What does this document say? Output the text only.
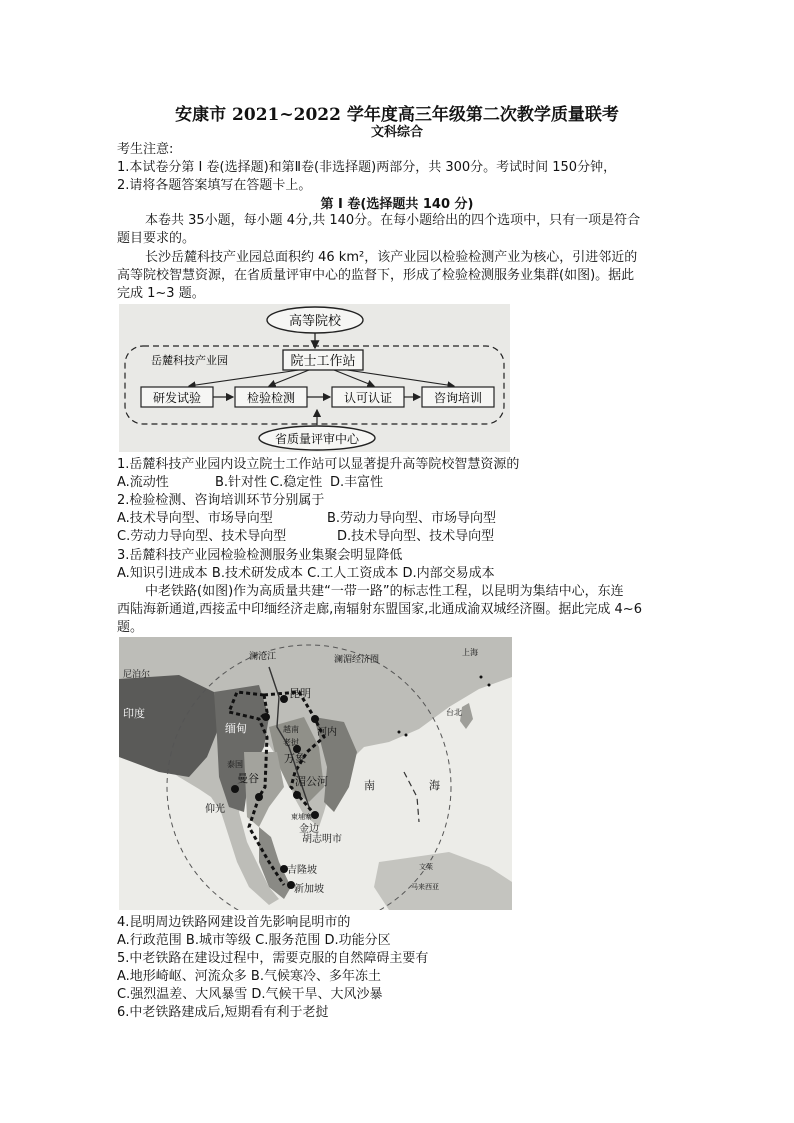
安康市 2021~2022 学年度高三年级第二次教学质量联考
文科综合
考生注意:
1.本试卷分第 I 卷(选择题)和第Ⅱ卷(非选择题)两部分，共 300分。考试时间 150分钟，
2.请将各题答案填写在答题卡上。
第 I 卷(选择题共 140 分)
本卷共 35小题，每小题 4分,共 140分。在每小题给出的四个选项中，只有一项是符合
题目要求的。
长沙岳麓科技产业园总面积约 46 km²，该产业园以检验检测产业为核心，引进邻近的
高等院校智慧资源，在省质量评审中心的监督下，形成了检验检测服务业集群(如图)。据此
完成 1~3 题。
高等院校
岳麓科技产业园	院士工作站
研发试验	检验检测	认可认证	咨询培训
省质量评审中心
1.岳麓科技产业园内设立院士工作站可以显著提升高等院校智慧资源的
A.流动性	B.针对性 C.稳定性 D.丰富性
2.检验检测、咨询培训环节分别属于
A.技术导向型、市场导向型	B.劳动力导向型、市场导向型
C.劳动力导向型、技术导向型	D.技术导向型、技术导向型
3.岳麓科技产业园检验检测服务业集聚会明显降低
A.知识引进成本 B.技术研发成本 C.工人工资成本 D.内部交易成本
中老铁路(如图)作为高质量共建“一带一路”的标志性工程，以昆明为集结中心，东连
西陆海新通道,西接孟中印缅经济走廊,南辐射东盟国家,北通成渝双城经济圈。据此完成 4~6
题。
尼泊尔
印度
澜沧江
昆明
澜湄经济圈
上海
缅甸	越南
老挝
河内
万象
泰国
湄公河
台北
仰光
曼谷
柬埔寨
金边
南	海
胡志明市
吉隆坡
新加坡
文莱
马来西亚
4.昆明周边铁路网建设首先影响昆明市的
A.行政范围 B.城市等级 C.服务范围 D.功能分区
5.中老铁路在建设过程中，需要克服的自然障碍主要有
A.地形崎岖、河流众多 B.气候寒冷、多年冻土
C.强烈温差、大风暴雪 D.气候干旱、大风沙暴
6.中老铁路建成后,短期看有利于老挝
